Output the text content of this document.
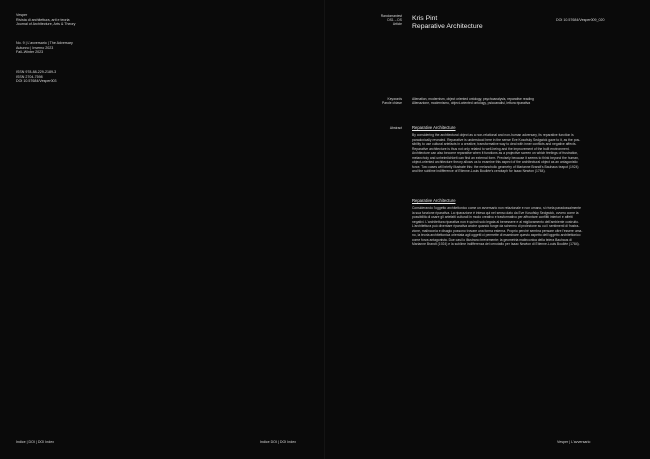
Vesper
Rivista di architettura, arti e teoria
Journal of Architecture, Arts & Theory
No. 9 | L'avversario | The Adversary
Autunno | Inverno 2023
Fall–Winter 2023
ISSN 978-88-229-2189-3
ISSN 2704-7598
DOI 10.57684/Vesper003
Indice | DOI | DOI Index	Indice DOI | DOI Index
Randomaniest
DS1 – DS
Article
Kris Pint
Reparative Architecture
DOI 10.57684/Vesper009_020
Keywords
Parole chiave
Alienation, modernism, object oriented ontology, psychoanalysis, reparative reading
Alienazione, modernismo, object-oriented ontology, psicoanalisi, lettura riparativa
Abstract Reparative Architecture
By considering the architectural object as a non-relational and non-human adversary, its reparative function is
paradoxically revealed. Reparative is understood here in the sense Eve Kosofsky Sedgwick gave to it, as the pos-
sibility to use cultural artefacts in a creative, transformative way to deal with inner conflicts and negative affects.
Reparative architecture is thus not only related to well-being and the improvement of the built environment.
Architecture can also become reparative when it functions as a projective screen on which feelings of frustration,
melancholy and unheimlichkeit can find an external form. Precisely because it seems to think beyond the human,
object-oriented architecture theory allows us to examine this aspect of the architectural object as an antagonistic
force. Two cases will briefly illustrate this: the melancholic geometry of Marianne Brandt's Bauhaus teapot (1924)
and the sublime indifference of Etienne-Louis Boullée's cenotaph for Isaac Newton (1784).
Reparative Architecture
Considerando l'oggetto architettonico come un avversario non relazionale e non umano, si rivela paradossalmente
la sua funzione riparativa. La riparazione è intesa qui nel senso dato da Eve Kosofsky Sedgwick, ovvero come la
possibilità di usare gli artefatti culturali in modo creativo e trasformativo per affrontare conflitti interiori e affetti
negativi. L'architettura riparativa non è quindi solo legata al benessere e al miglioramento dell'ambiente costruito.
L'architettura può diventare riparativa anche quando funge da schermo di proiezione su cui i sentimenti di frustra-
zione, malinconia e disagio possono trovare una forma esterna. Proprio perché sembra pensare oltre l'essere uma-
no, la teoria architettonica orientata agli oggetti ci permette di esaminare questo aspetto dell'oggetto architettonico
come forza antagonista. Due casi lo illustrano brevemente: la geometria malinconica della teiera Bauhaus di
Marianne Brandt (1924) e la sublime indifferenza del cenotafio per Isaac Newton di Etienne-Louis Boullée (1784).
Vesper | L'avversario
